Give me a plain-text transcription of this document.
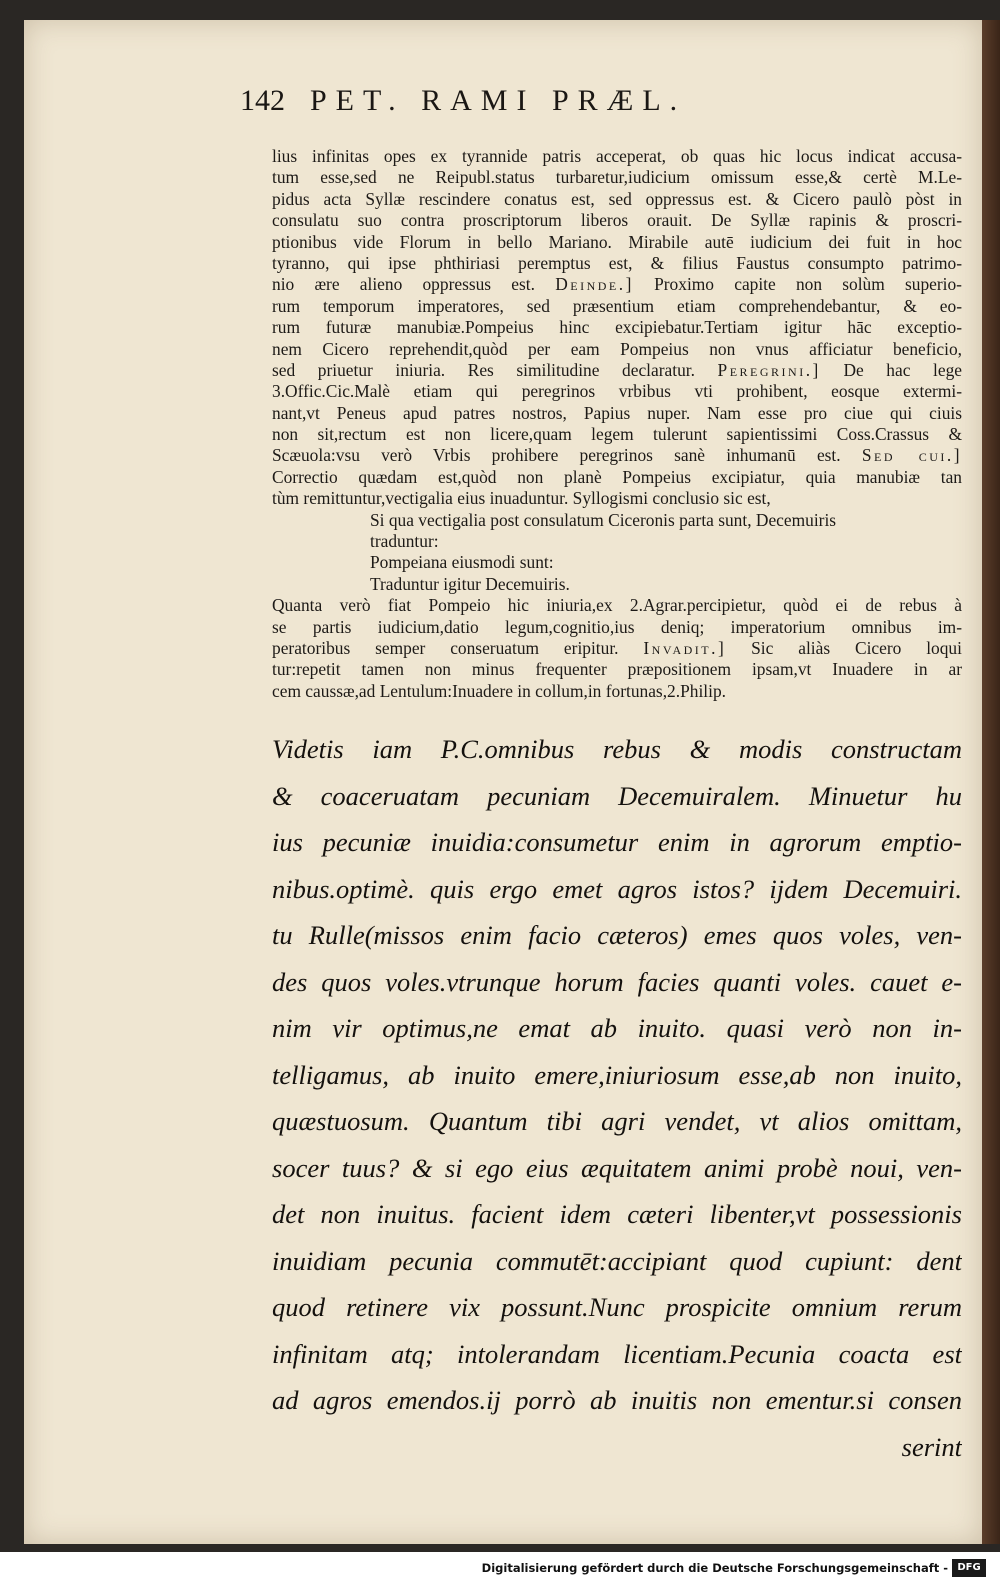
142 PET. RAMI PRÆL.
lius infinitas opes ex tyrannide patris acceperat, ob quas hic locus indicat accusa-
tum esse,sed ne Reipubl.status turbaretur,iudicium omissum esse,& certè M.Le-
pidus acta Syllæ rescindere conatus est, sed oppressus est. & Cicero paulò pòst in
consulatu suo contra proscriptorum liberos orauit. De Syllæ rapinis & proscri-
ptionibus vide Florum in bello Mariano. Mirabile autē iudicium dei fuit in hoc
tyranno, qui ipse phthiriasi peremptus est, & filius Faustus consumpto patrimo-
nio ære alieno oppressus est. Deinde.] Proximo capite non solùm superio-
rum temporum imperatores, sed præsentium etiam comprehendebantur, & eo-
rum futuræ manubiæ.Pompeius hinc excipiebatur.Tertiam igitur hāc exceptio-
nem Cicero reprehendit,quòd per eam Pompeius non vnus afficiatur beneficio,
sed priuetur iniuria. Res similitudine declaratur. Peregrini.] De hac lege
3.Offic.Cic.Malè etiam qui peregrinos vrbibus vti prohibent, eosque extermi-
nant,vt Peneus apud patres nostros, Papius nuper. Nam esse pro ciue qui ciuis
non sit,rectum est non licere,quam legem tulerunt sapientissimi Coss.Crassus &
Scæuola:vsu verò Vrbis prohibere peregrinos sanè inhumanū est. Sed cui.]
Correctio quædam est,quòd non planè Pompeius excipiatur, quia manubiæ tan
tùm remittuntur,vectigalia eius inuaduntur. Syllogismi conclusio sic est,
Si qua vectigalia post consulatum Ciceronis parta sunt, Decemuiris
traduntur:
Pompeiana eiusmodi sunt:
Traduntur igitur Decemuiris.
Quanta verò fiat Pompeio hic iniuria,ex 2.Agrar.percipietur, quòd ei de rebus à
se partis iudicium,datio legum,cognitio,ius deniq; imperatorium omnibus im-
peratoribus semper conseruatum eripitur. Invadit.] Sic aliàs Cicero loqui
tur:repetit tamen non minus frequenter præpositionem ipsam,vt Inuadere in ar
cem caussæ,ad Lentulum:Inuadere in collum,in fortunas,2.Philip.
Videtis iam P.C.omnibus rebus & modis constructam
& coaceruatam pecuniam Decemuiralem. Minuetur hu
ius pecuniæ inuidia:consumetur enim in agrorum emptio-
nibus.optimè. quis ergo emet agros istos? ijdem Decemuiri.
tu Rulle(missos enim facio cæteros) emes quos voles, ven-
des quos voles.vtrunque horum facies quanti voles. cauet e-
nim vir optimus,ne emat ab inuito. quasi verò non in-
telligamus, ab inuito emere,iniuriosum esse,ab non inuito,
quæstuosum. Quantum tibi agri vendet, vt alios omittam,
socer tuus? & si ego eius æquitatem animi probè noui, ven-
det non inuitus. facient idem cæteri libenter,vt possessionis
inuidiam pecunia commutēt:accipiant quod cupiunt: dent
quod retinere vix possunt.Nunc prospicite omnium rerum
infinitam atq; intolerandam licentiam.Pecunia coacta est
ad agros emendos.ij porrò ab inuitis non ementur.si consen
serint
Digitalisierung gefördert durch die Deutsche Forschungsgemeinschaft - DFG
